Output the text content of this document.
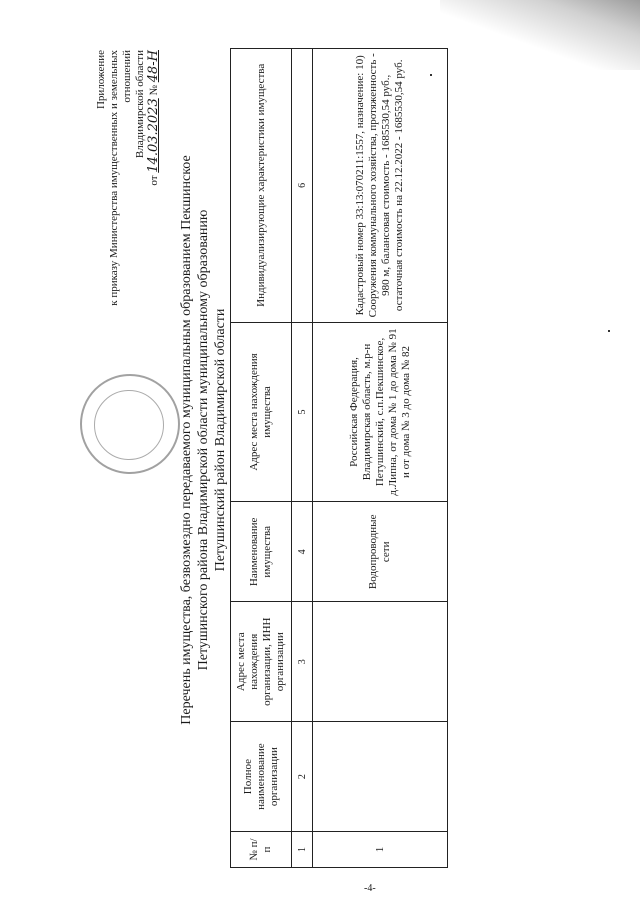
Приложение к приказу Министерства имущественных и земельных отношений Владимирской области
от 14.03.2023 № 48-Н
Перечень имущества, безвозмездно передаваемого муниципальным образованием Пекшинское Петушинского района Владимирской области муниципальному образованию Петушинский район Владимирской области
№ п/п	Полное наименование организации	Адрес места нахождения организации, ИНН организации	Наименование имущества	Адрес места нахождения имущества	Индивидуализирующие характеристики имущества
1	2	3	4	5	6
1			Водопроводные сети	Российская Федерация, Владимирская область, м.р-н Петушинский, с.п.Пекшинское, д.Липна, от дома № 1 до дома № 91 и от дома № 3 до дома № 82	Кадастровый номер 33:13:070211:1557, назначение: 10) Сооружения коммунального хозяйства, протяженность - 980 м, балансовая стоимость - 1685530,54 руб., остаточная стоимость на 22.12.2022 - 1685530,54 руб.
-4-
